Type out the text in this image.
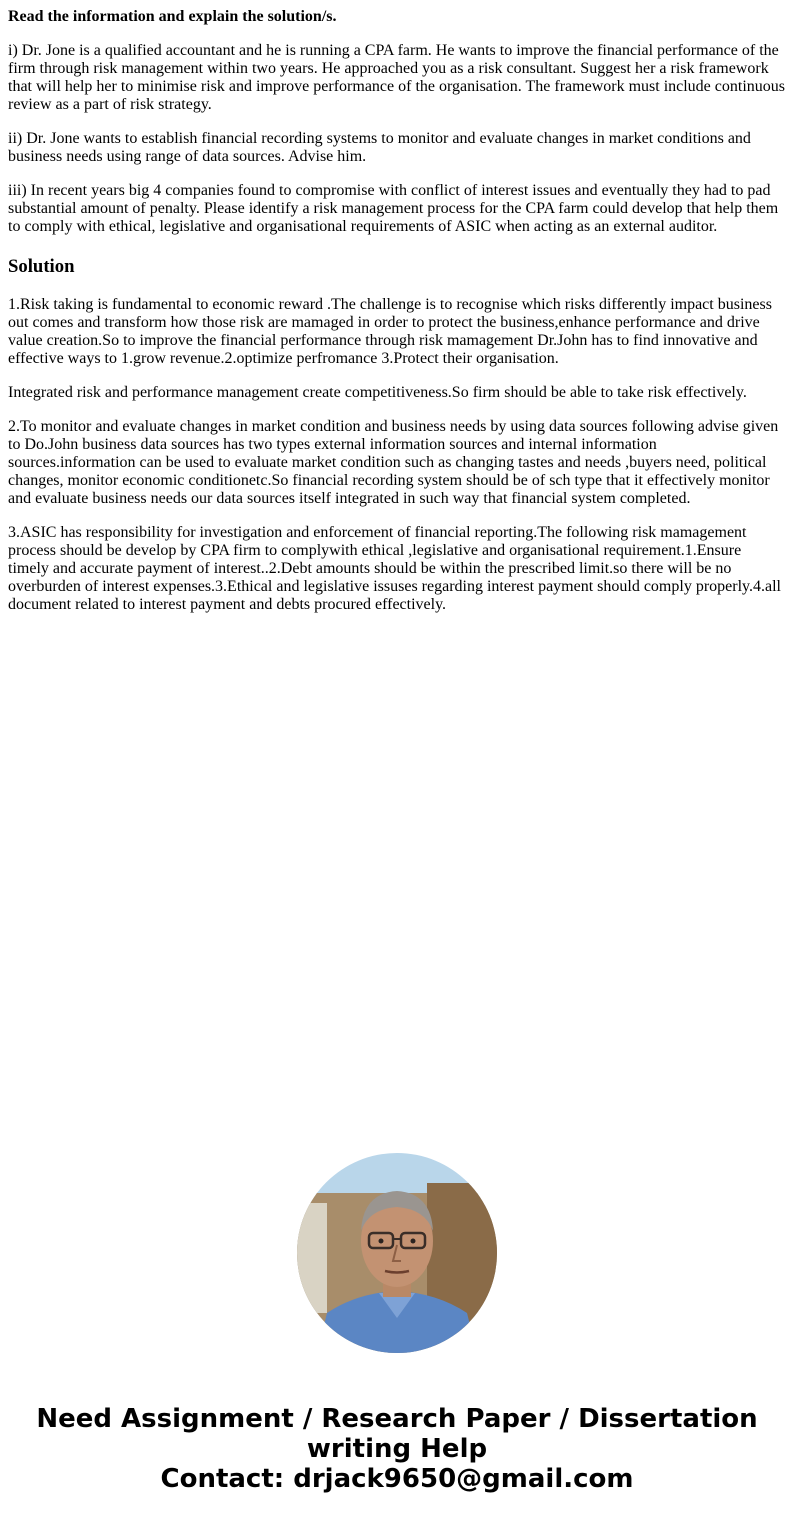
Read the information and explain the solution/s.

i) Dr. Jone is a qualified accountant and he is running a CPA farm. He wants to improve the financial performance of the firm through risk management within two years. He approached you as a risk consultant. Suggest her a risk framework that will help her to minimise risk and improve performance of the organisation. The framework must include continuous review as a part of risk strategy.

ii) Dr. Jone wants to establish financial recording systems to monitor and evaluate changes in market conditions and business needs using range of data sources. Advise him.

iii) In recent years big 4 companies found to compromise with conflict of interest issues and eventually they had to pad substantial amount of penalty. Please identify a risk management process for the CPA farm could develop that help them to comply with ethical, legislative and organisational requirements of ASIC when acting as an external auditor.

Solution

1.Risk taking is fundamental to economic reward .The challenge is to recognise which risks differently impact business out comes and transform how those risk are mamaged in order to protect the business,enhance performance and drive value creation.So to improve the financial performance through risk mamagement Dr.John has to find innovative and effective ways to 1.grow revenue.2.optimize perfromance 3.Protect their organisation.

Integrated risk and performance management create competitiveness.So firm should be able to take risk effectively.

2.To monitor and evaluate changes in market condition and business needs by using data sources following advise given to Do.John business data sources has two types external information sources and internal information sources.information can be used to evaluate market condition such as changing tastes and needs ,buyers need, political changes, monitor economic conditionetc.So financial recording system should be of sch type that it effectively monitor and evaluate business needs our data sources itself integrated in such way that financial system completed.

3.ASIC has responsibility for investigation and enforcement of financial reporting.The following risk mamagement process should be develop by CPA firm to complywith ethical ,legislative and organisational requirement.1.Ensure timely and accurate payment of interest..2.Debt amounts should be within the prescribed limit.so there will be no overburden of interest expenses.3.Ethical and legislative issuses regarding interest payment should comply properly.4.all document related to interest payment and debts procured effectively.

Need Assignment / Research Paper / Dissertation
writing Help
Contact: drjack9650@gmail.com
